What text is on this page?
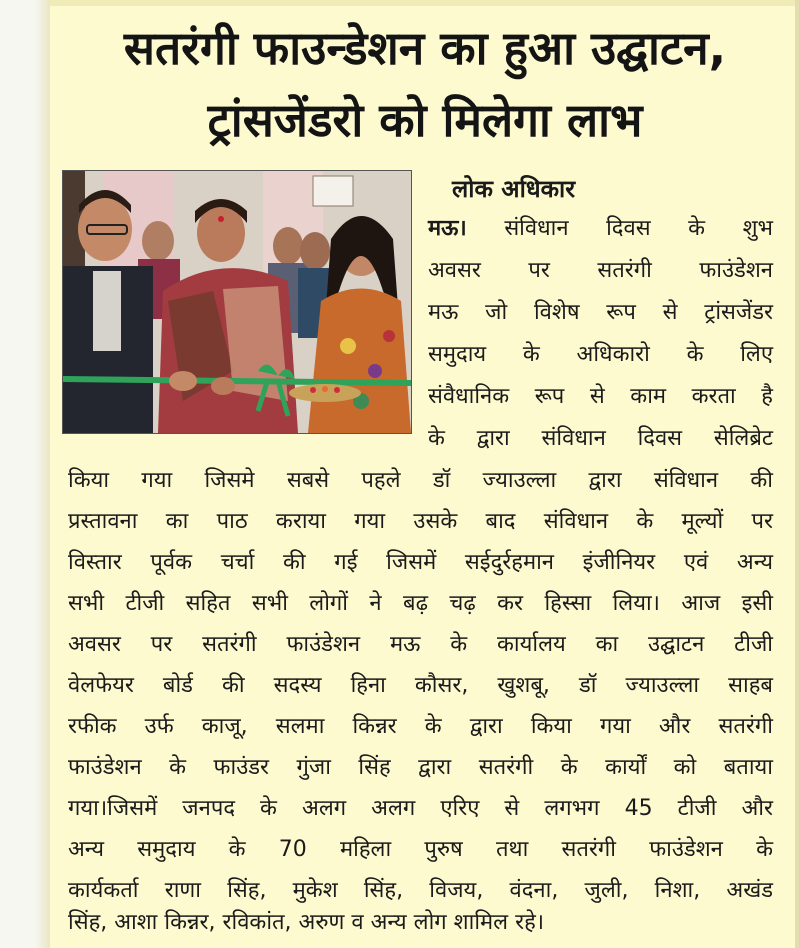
सतरंगी फाउन्डेशन का हुआ उद्घाटन,
ट्रांसजेंडरो को मिलेगा लाभ
लोक अधिकार
मऊ। संविधान दिवस के शुभ
अवसर पर सतरंगी फाउंडेशन
मऊ जो विशेष रूप से ट्रांसजेंडर
समुदाय के अधिकारो के लिए
संवैधानिक रूप से काम करता है
के द्वारा संविधान दिवस सेलिब्रेट
किया गया जिसमे सबसे पहले डॉ ज्याउल्ला द्वारा संविधान की
प्रस्तावना का पाठ कराया गया उसके बाद संविधान के मूल्यों पर
विस्तार पूर्वक चर्चा की गई जिसमें सईदुर्रहमान इंजीनियर एवं अन्य
सभी टीजी सहित सभी लोगों ने बढ़ चढ़ कर हिस्सा लिया। आज इसी
अवसर पर सतरंगी फाउंडेशन मऊ के कार्यालय का उद्घाटन टीजी
वेलफेयर बोर्ड की सदस्य हिना कौसर, खुशबू, डॉ ज्याउल्ला साहब
रफीक उर्फ काजू, सलमा किन्नर के द्वारा किया गया और सतरंगी
फाउंडेशन के फाउंडर गुंजा सिंह द्वारा सतरंगी के कार्यों को बताया
गया।जिसमें जनपद के अलग अलग एरिए से लगभग 45 टीजी और
अन्य समुदाय के 70 महिला पुरुष तथा सतरंगी फाउंडेशन के
कार्यकर्ता राणा सिंह, मुकेश सिंह, विजय, वंदना, जुली, निशा, अखंड
सिंह, आशा किन्नर, रविकांत, अरुण व अन्य लोग शामिल रहे।
